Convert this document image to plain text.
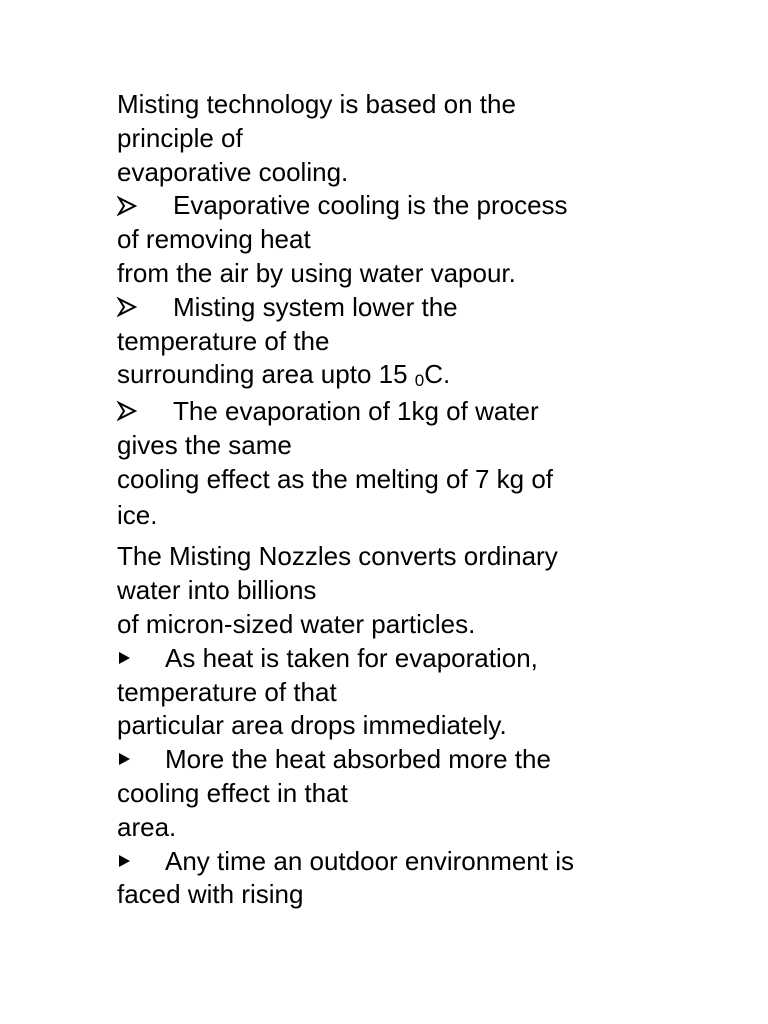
Misting technology is based on the
principle of
evaporative cooling.
Evaporative cooling is the process
of removing heat
from the air by using water vapour.
Misting system lower the
temperature of the
surrounding area upto 15 0C.
The evaporation of 1kg of water
gives the same
cooling effect as the melting of 7 kg of
ice.
The Misting Nozzles converts ordinary
water into billions
of micron-sized water particles.
As heat is taken for evaporation,
temperature of that
particular area drops immediately.
More the heat absorbed more the
cooling effect in that
area.
Any time an outdoor environment is
faced with rising
